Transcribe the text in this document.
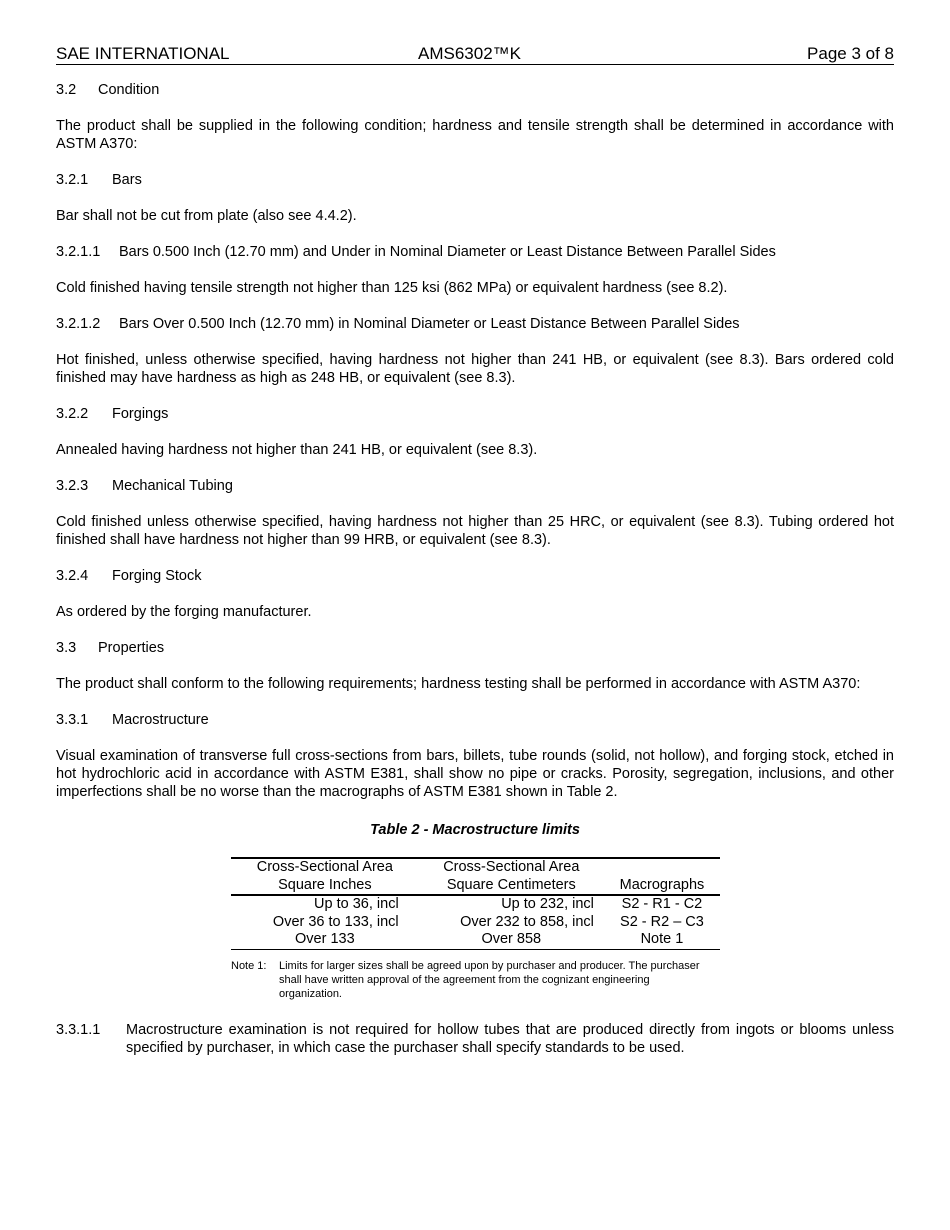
SAE INTERNATIONAL	AMS6302™K	Page 3 of 8
3.2 Condition

The product shall be supplied in the following condition; hardness and tensile strength shall be determined in accordance with ASTM A370:

3.2.1 Bars

Bar shall not be cut from plate (also see 4.4.2).

3.2.1.1 Bars 0.500 Inch (12.70 mm) and Under in Nominal Diameter or Least Distance Between Parallel Sides

Cold finished having tensile strength not higher than 125 ksi (862 MPa) or equivalent hardness (see 8.2).

3.2.1.2 Bars Over 0.500 Inch (12.70 mm) in Nominal Diameter or Least Distance Between Parallel Sides

Hot finished, unless otherwise specified, having hardness not higher than 241 HB, or equivalent (see 8.3). Bars ordered cold finished may have hardness as high as 248 HB, or equivalent (see 8.3).

3.2.2 Forgings

Annealed having hardness not higher than 241 HB, or equivalent (see 8.3).

3.2.3 Mechanical Tubing

Cold finished unless otherwise specified, having hardness not higher than 25 HRC, or equivalent (see 8.3). Tubing ordered hot finished shall have hardness not higher than 99 HRB, or equivalent (see 8.3).

3.2.4 Forging Stock

As ordered by the forging manufacturer.

3.3 Properties

The product shall conform to the following requirements; hardness testing shall be performed in accordance with ASTM A370:

3.3.1 Macrostructure

Visual examination of transverse full cross-sections from bars, billets, tube rounds (solid, not hollow), and forging stock, etched in hot hydrochloric acid in accordance with ASTM E381, shall show no pipe or cracks. Porosity, segregation, inclusions, and other imperfections shall be no worse than the macrographs of ASTM E381 shown in Table 2.

Table 2 - Macrostructure limits
Cross-Sectional Area	Cross-Sectional Area	
Square Inches	Square Centimeters	Macrographs
Up to 36, incl	Up to 232, incl	S2 - R1 - C2
Over 36 to 133, incl	Over 232 to 858, incl	S2 - R2 – C3
Over 133	Over 858	Note 1
Note 1:	Limits for larger sizes shall be agreed upon by purchaser and producer. The purchaser shall have written approval of the agreement from the cognizant engineering organization.
3.3.1.1	Macrostructure examination is not required for hollow tubes that are produced directly from ingots or blooms unless specified by purchaser, in which case the purchaser shall specify standards to be used.
